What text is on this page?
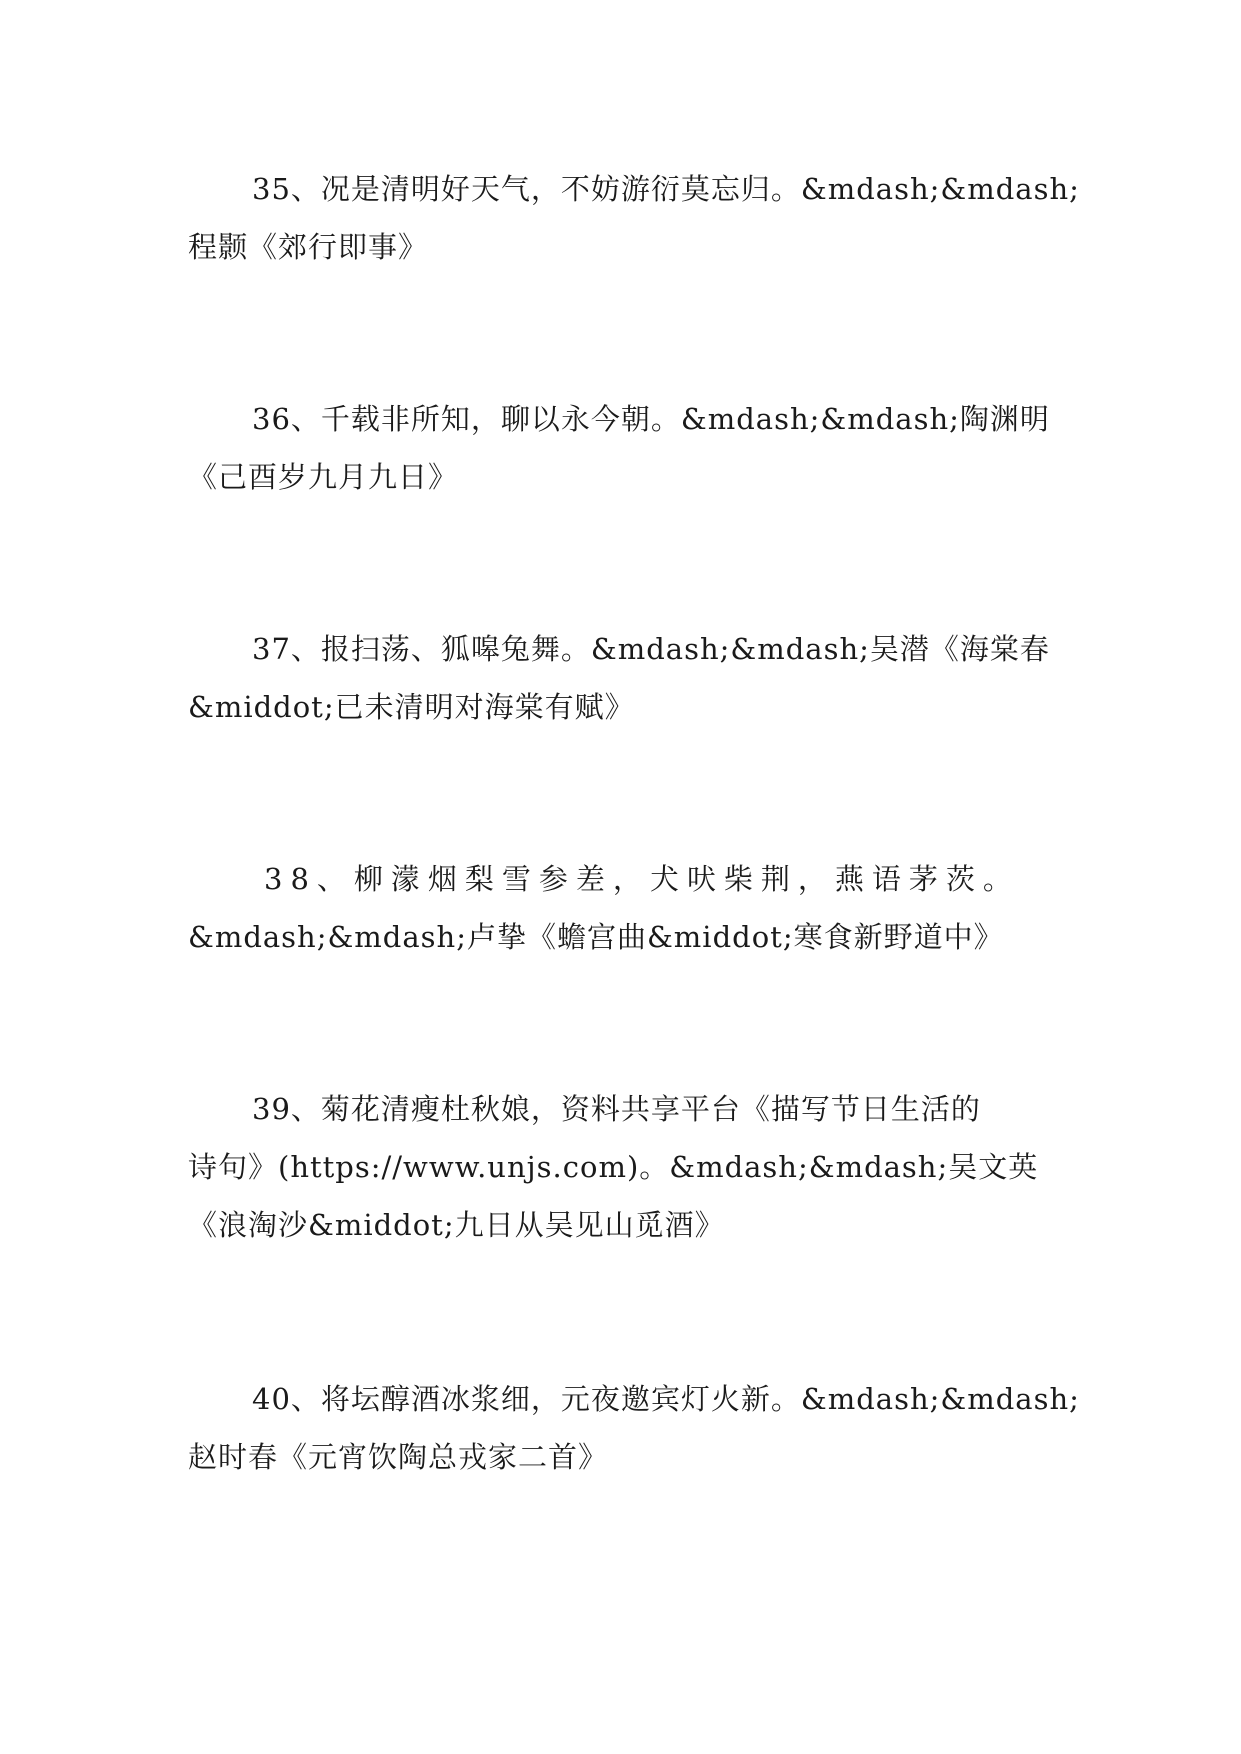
35、况是清明好天气，不妨游衍莫忘归。&mdash;&mdash;
程颢《郊行即事》
36、千载非所知，聊以永今朝。&mdash;&mdash;陶渊明
《己酉岁九月九日》
37、报扫荡、狐嗥兔舞。&mdash;&mdash;吴潜《海棠春
&middot;已未清明对海棠有赋》
38、柳濛烟梨雪参差，犬吠柴荆，燕语茅茨。
&mdash;&mdash;卢挚《蟾宫曲&middot;寒食新野道中》
39、菊花清瘦杜秋娘，资料共享平台《描写节日生活的
诗句》(https://www.unjs.com)。&mdash;&mdash;吴文英
《浪淘沙&middot;九日从吴见山觅酒》
40、将坛醇酒冰浆细，元夜邀宾灯火新。&mdash;&mdash;
赵时春《元宵饮陶总戎家二首》
